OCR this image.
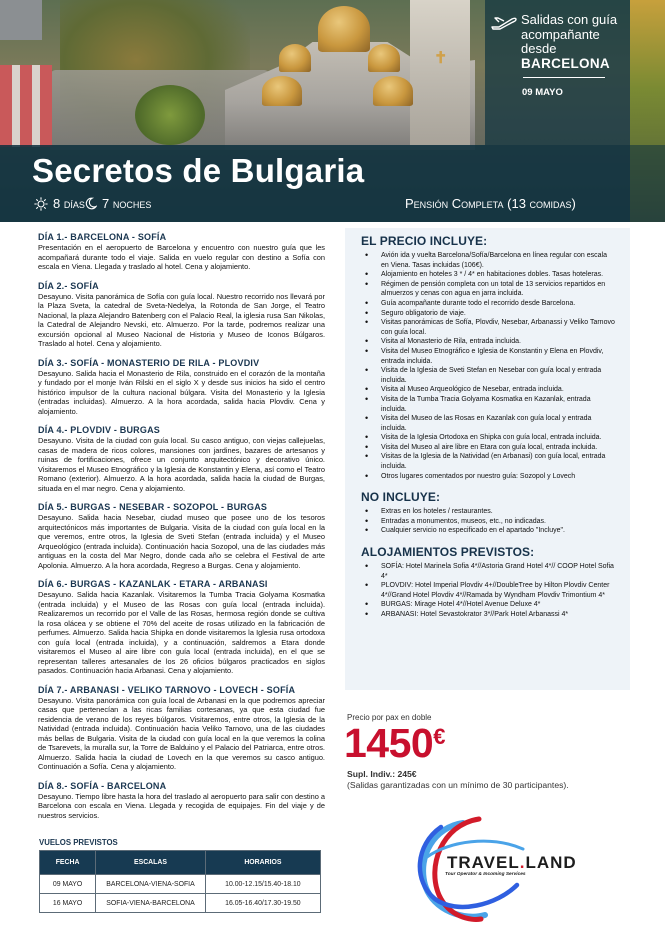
✝
Salidas con guía
acompañante
desde
BARCELONA
09 MAYO
Secretos de Bulgaria
8 días 7 noches	Pensión Completa (13 comidas)
DÍA 1.- BARCELONA - SOFÍA

Presentación en el aeropuerto de Barcelona y encuentro con nuestro guía que les acompañará durante todo el viaje. Salida en vuelo regular con destino a Sofía con escala en Viena. Llegada y traslado al hotel. Cena y alojamiento.

DÍA 2.- SOFÍA

Desayuno. Visita panorámica de Sofía con guía local. Nuestro recorrido nos llevará por la Plaza Sveta, la catedral de Sveta-Nedelya, la Rotonda de San Jorge, el Teatro Nacional, la plaza Alejandro Batenberg con el Palacio Real, la iglesia rusa San Nikolas, la Catedral de Alejandro Nevski, etc. Almuerzo. Por la tarde, podremos realizar una excursión opcional al Museo Nacional de Historia y Museo de Iconos Búlgaros. Traslado al hotel. Cena y alojamiento.

DÍA 3.- SOFÍA - MONASTERIO DE RILA - PLOVDIV

Desayuno. Salida hacia el Monasterio de Rila, construido en el corazón de la montaña y fundado por el monje Iván Rilski en el siglo X y desde sus inicios ha sido el centro histórico impulsor de la cultura nacional búlgara. Visita del Monasterio y la Iglesia (entradas incluidas). Almuerzo. A la hora acordada, salida hacia Plovdiv. Cena y alojamiento.

DÍA 4.- PLOVDIV - BURGAS

Desayuno. Visita de la ciudad con guía local. Su casco antiguo, con viejas callejuelas, casas de madera de ricos colores, mansiones con jardines, bazares de artesanos y ruinas de fortificaciones, ofrece un conjunto arquitectónico y decorativo único. Visitaremos el Museo Etnográfico y la Iglesia de Konstantin y Elena, así como el Teatro Romano (exterior). Almuerzo. A la hora acordada, salida hacia la ciudad de Burgas, situada en el mar negro. Cena y alojamiento.

DÍA 5.- BURGAS - NESEBAR - SOZOPOL - BURGAS

Desayuno. Salida hacia Nesebar, ciudad museo que posee uno de los tesoros arquitectónicos más importantes de Bulgaria. Visita de la ciudad con guía local en la que veremos, entre otros, la Iglesia de Sveti Stefan (entrada incluida) y el Museo Arqueológico (entrada incluida). Continuación hacia Sozopol, una de las ciudades más antiguas en la costa del Mar Negro, donde cada año se celebra el Festival de arte Apolonia. Almuerzo. A la hora acordada, Regreso a Burgas. Cena y alojamiento.

DÍA 6.- BURGAS - KAZANLAK - ETARA - ARBANASI

Desayuno. Salida hacia Kazanlak. Visitaremos la Tumba Tracia Golyama Kosmatka (entrada incluida) y el Museo de las Rosas con guía local (entrada incluida). Realizaremos un recorrido por el Valle de las Rosas, hermosa región donde se cultiva la rosa olácea y se obtiene el 70% del aceite de rosas utilizado en la fabricación de perfumes. Almuerzo. Salida hacia Shipka en donde visitaremos la Iglesia rusa ortodoxa con guía local (entrada incluida), y a continuación, saldremos a Etara donde visitaremos el Museo al aire libre con guía local (entrada incluida), en el que se representan talleres artesanales de los 26 oficios búlgaros practicados en siglos pasados. Continuación hacia Arbanasi. Cena y alojamiento.

DÍA 7.- ARBANASI - VELIKO TARNOVO - LOVECH - SOFÍA

Desayuno. Visita panorámica con guía local de Arbanasi en la que podremos apreciar casas que pertenecían a las ricas familias cortesanas, ya que esta ciudad fue residencia de verano de los reyes búlgaros. Visitaremos, entre otros, la Iglesia de la Natividad (entrada incluida). Continuación hacia Veliko Tarnovo, una de las ciudades más bellas de Bulgaria. Visita de la ciudad con guía local en la que veremos la colina de Tsarevets, la muralla sur, la Torre de Balduino y el Palacio del Patriarca, entre otros. Almuerzo. Salida hacia la ciudad de Lovech en la que veremos su casco antiguo. Continuación a Sofía. Cena y alojamiento.

DÍA 8.- SOFÍA - BARCELONA

Desayuno. Tiempo libre hasta la hora del traslado al aeropuerto para salir con destino a Barcelona con escala en Viena. Llegada y recogida de equipajes. Fin del viaje y de nuestros servicios.

VUELOS PREVISTOS
FECHA	ESCALAS	HORARIOS
09 MAYO	BARCELONA-VIENA-SOFIA	10.00-12.15/15.40-18.10
16 MAYO	SOFIA-VIENA-BARCELONA	16.05-16.40/17.30-19.50
EL PRECIO INCLUYE:
• Avión ida y vuelta Barcelona/Sofía/Barcelona en línea regular con escala en Viena. Tasas incluidas (106€).
• Alojamiento en hoteles 3 * / 4* en habitaciones dobles. Tasas hoteleras.
• Régimen de pensión completa con un total de 13 servicios repartidos en almuerzos y cenas con agua en jarra incluida.
• Guía acompañante durante todo el recorrido desde Barcelona.
• Seguro obligatorio de viaje.
• Visitas panorámicas de Sofía, Plovdiv, Nesebar, Arbanassi y Veliko Tarnovo con guía local.
• Visita al Monasterio de Rila, entrada incluida.
• Visita del Museo Etnográfico e Iglesia de Konstantin y Elena en Plovdiv, entrada incluida.
• Visita de la Iglesia de Sveti Stefan en Nesebar con guía local y entrada incluida.
• Visita al Museo Arqueológico de Nesebar, entrada incluida.
• Visita de la Tumba Tracia Golyama Kosmatka en Kazanlak, entrada incluida.
• Visita del Museo de las Rosas en Kazanlak con guía local y entrada incluida.
• Visita de la Iglesia Ortodoxa en Shipka con guía local, entrada incluida.
• Visita del Museo al aire libre en Etara con guía local, entrada incluida.
• Visitas de la Iglesia de la Natividad (en Arbanasi) con guía local, entrada incluida.
• Otros lugares comentados por nuestro guía: Sozopol y Lovech
NO INCLUYE:
• Extras en los hoteles / restaurantes.
• Entradas a monumentos, museos, etc., no indicadas.
• Cualquier servicio no especificado en el apartado "Incluye".
ALOJAMIENTOS PREVISTOS:
• SOFÍA: Hotel Marinela Sofia 4*//Astoria Grand Hotel 4*// COOP Hotel Sofia 4*
• PLOVDIV: Hotel Imperial Plovdiv 4+//DoubleTree by Hilton Plovdiv Center 4*//Grand Hotel Plovdiv 4*//Ramada by Wyndham Plovdiv Trimontium 4*
• BURGAS: Mirage Hotel 4*//Hotel Avenue Deluxe 4*
• ARBANASI: Hotel Sevastokrator 3*//Park Hotel Arbanassi 4*
Precio por pax en doble
1450€
Supl. Indiv.: 245€
(Salidas garantizadas con un mínimo de 30 participantes).
TRAVEL.LAND
Tour Operator & Incoming Services
